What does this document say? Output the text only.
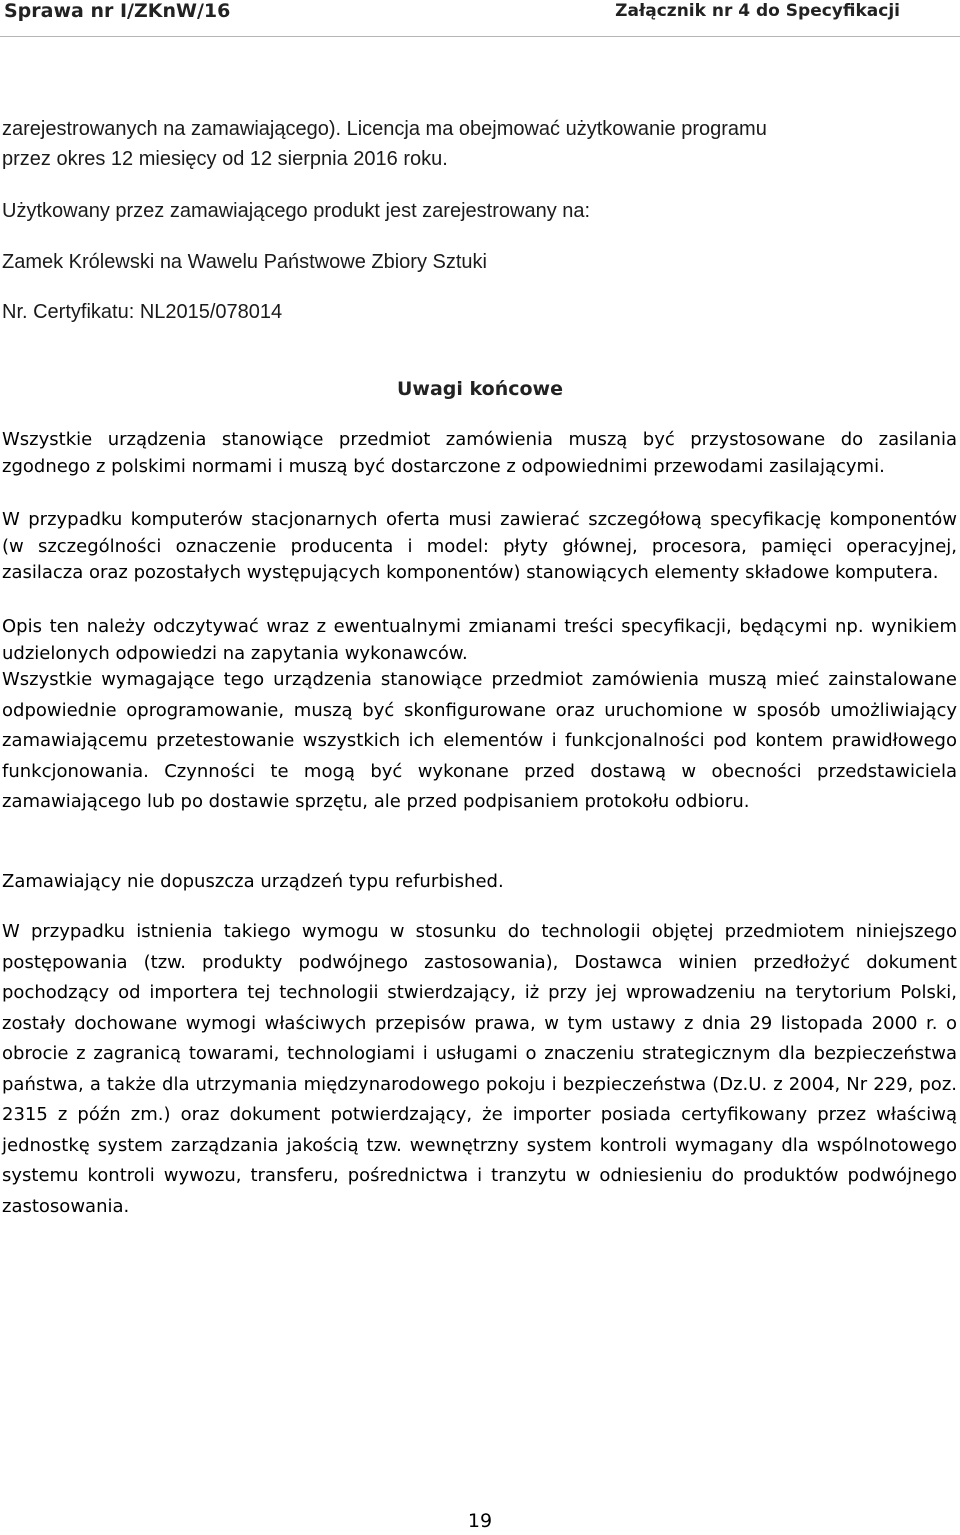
Sprawa nr I/ZKnW/16	Załącznik nr 4 do Specyfikacji
zarejestrowanych na zamawiającego). Licencja ma obejmować użytkowanie programu
przez okres 12 miesięcy od 12 sierpnia 2016 roku.
Użytkowany przez zamawiającego produkt jest zarejestrowany na:
Zamek Królewski na Wawelu Państwowe Zbiory Sztuki
Nr. Certyfikatu: NL2015/078014
Uwagi końcowe

Wszystkie urządzenia stanowiące przedmiot zamówienia muszą być przystosowane do zasilania zgodnego z polskimi normami i muszą być dostarczone z odpowiednimi przewodami zasilającymi.

W przypadku komputerów stacjonarnych oferta musi zawierać szczegółową specyfikację komponentów (w szczególności oznaczenie producenta i model: płyty głównej, procesora, pamięci operacyjnej, zasilacza oraz pozostałych występujących komponentów) stanowiących elementy składowe komputera.

Opis ten należy odczytywać wraz z ewentualnymi zmianami treści specyfikacji, będącymi np. wynikiem udzielonych odpowiedzi na zapytania wykonawców.

Wszystkie wymagające tego urządzenia stanowiące przedmiot zamówienia muszą mieć zainstalowane odpowiednie oprogramowanie, muszą być skonfigurowane oraz uruchomione w sposób umożliwiający zamawiającemu przetestowanie wszystkich ich elementów i funkcjonalności pod kontem prawidłowego funkcjonowania. Czynności te mogą być wykonane przed dostawą w obecności przedstawiciela zamawiającego lub po dostawie sprzętu, ale przed podpisaniem protokołu odbioru.

Zamawiający nie dopuszcza urządzeń typu refurbished.

W przypadku istnienia takiego wymogu w stosunku do technologii objętej przedmiotem niniejszego postępowania (tzw. produkty podwójnego zastosowania), Dostawca winien przedłożyć dokument pochodzący od importera tej technologii stwierdzający, iż przy jej wprowadzeniu na terytorium Polski, zostały dochowane wymogi właściwych przepisów prawa, w tym ustawy z dnia 29 listopada 2000 r. o obrocie z zagranicą towarami, technologiami i usługami o znaczeniu strategicznym dla bezpieczeństwa państwa, a także dla utrzymania międzynarodowego pokoju i bezpieczeństwa (Dz.U. z 2004, Nr 229, poz. 2315 z późn zm.) oraz dokument potwierdzający, że importer posiada certyfikowany przez właściwą jednostkę system zarządzania jakością tzw. wewnętrzny system kontroli wymagany dla wspólnotowego systemu kontroli wywozu, transferu, pośrednictwa i tranzytu w odniesieniu do produktów podwójnego zastosowania.

19
